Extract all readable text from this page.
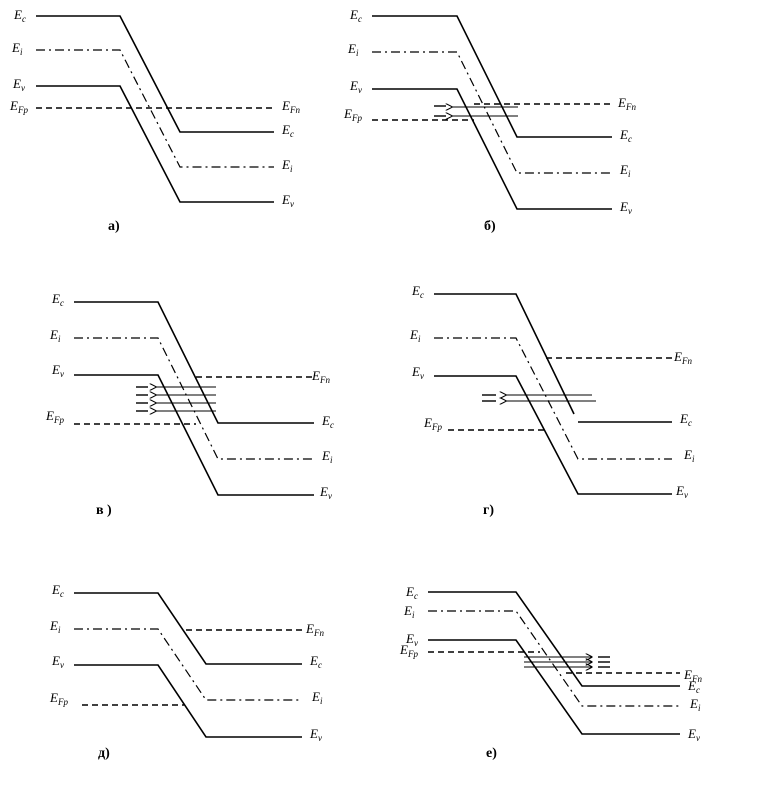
$E_c$
$E_i$
$E_v$
$E_{Fp}$	$E_{Fn}$
$E_c$
$E_i$
$E_v$
а)
$E_c$
$E_i$
$E_v$
$E_{Fp}$
$E_{Fn}$
$E_c$
$E_i$
$E_v$
б)
$E_c$
$E_i$
$E_v$
$E_{Fp}$
$E_{Fn}$
$E_c$
$E_i$
$E_v$
в )
$E_c$
$E_i$
$E_v$
$E_{Fp}$
$E_{Fn}$
$E_c$
$E_i$
$E_v$
г)
$E_c$
$E_i$
$E_v$
$E_{Fp}$
$E_{Fn}$
$E_c$
$E_i$
$E_v$
д)
$E_c$
$E_i$
$E_v$
$E_{Fp}$
$E_{Fn}$
$E_c$
$E_i$
$E_v$
е)
